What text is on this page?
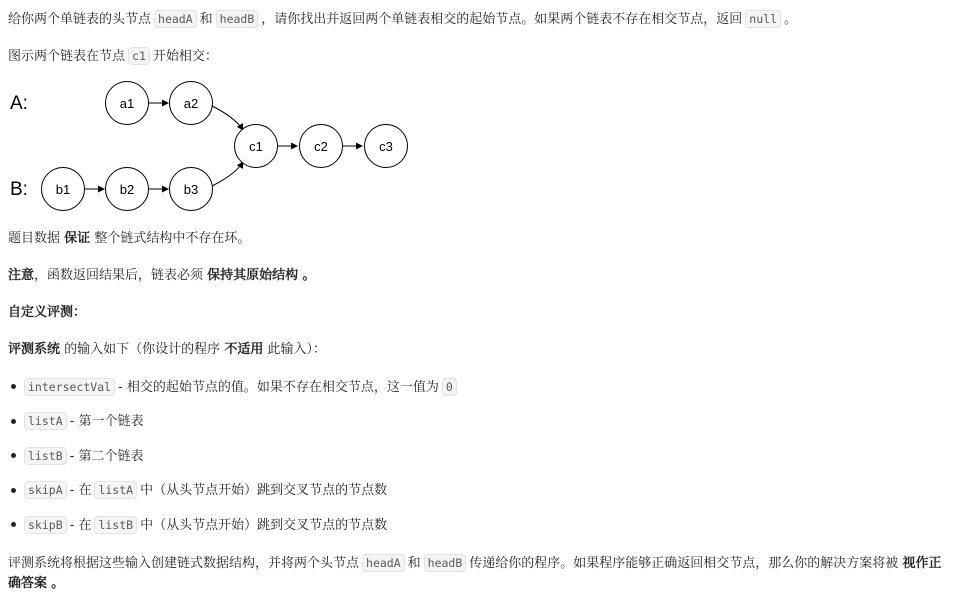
给你两个单链表的头节点 headA 和 headB ，请你找出并返回两个单链表相交的起始节点。如果两个链表不存在相交节点，返回 null 。
图示两个链表在节点 c1 开始相交：
A:
B:
a1	a2
b1	b2	b3
c1	c2	c3
题目数据 保证 整个链式结构中不存在环。
注意，函数返回结果后，链表必须 保持其原始结构 。
自定义评测：
评测系统 的输入如下（你设计的程序 不适用 此输入）：
intersectVal - 相交的起始节点的值。如果不存在相交节点，这一值为 0
listA - 第一个链表
listB - 第二个链表
skipA - 在 listA 中（从头节点开始）跳到交叉节点的节点数
skipB - 在 listB 中（从头节点开始）跳到交叉节点的节点数
评测系统将根据这些输入创建链式数据结构，并将两个头节点 headA 和 headB 传递给你的程序。如果程序能够正确返回相交节点，那么你的解决方案将被 视作正确答案 。
